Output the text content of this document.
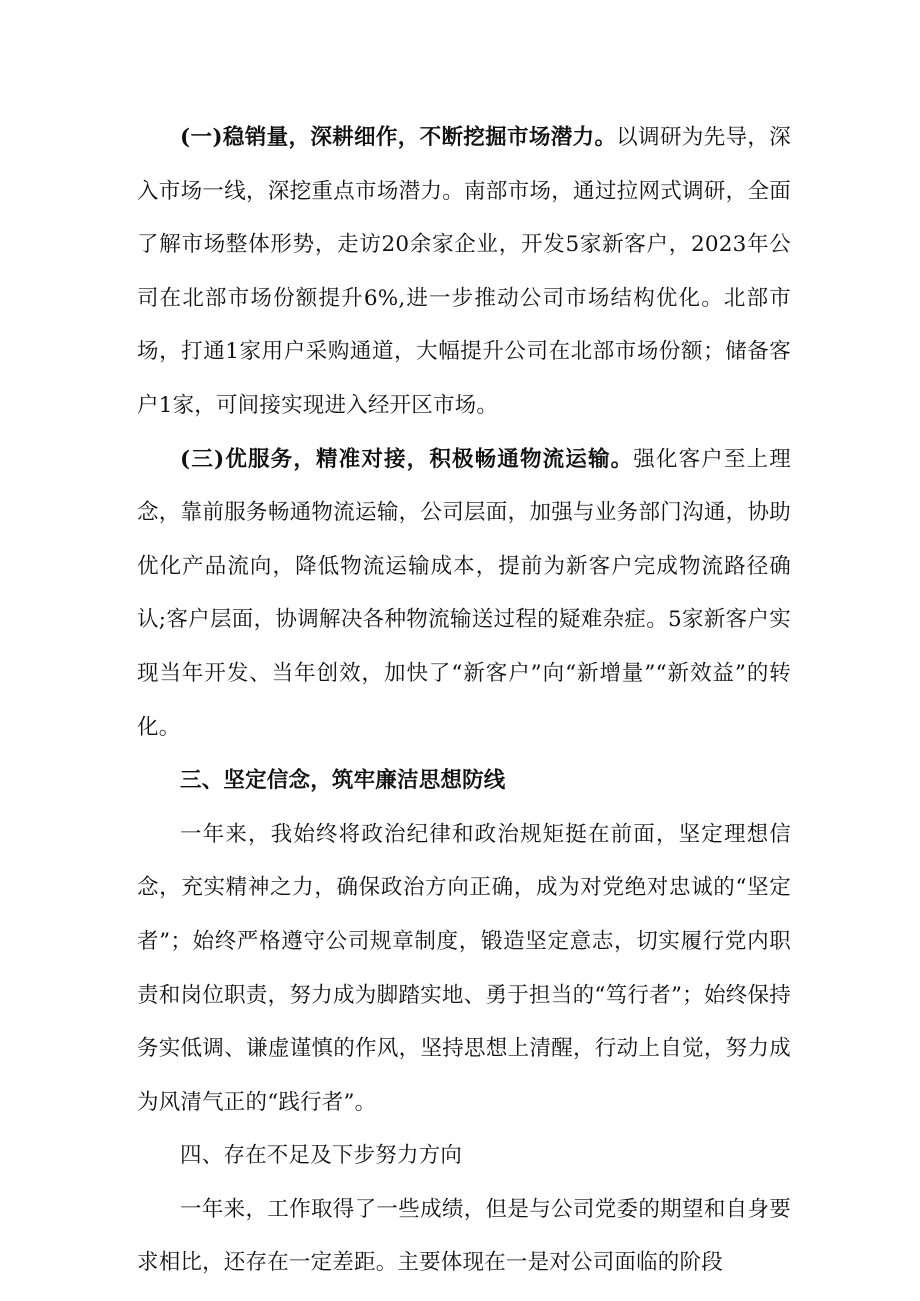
(一)稳销量，深耕细作，不断挖掘市场潜力。以调研为先导，深入市场一线，深挖重点市场潜力。南部市场，通过拉网式调研，全面了解市场整体形势，走访20余家企业，开发5家新客户，2023年公司在北部市场份额提升6%,进一步推动公司市场结构优化。北部市场，打通1家用户采购通道，大幅提升公司在北部市场份额；储备客户1家，可间接实现进入经开区市场。

(三)优服务，精准对接，积极畅通物流运输。强化客户至上理念，靠前服务畅通物流运输，公司层面，加强与业务部门沟通，协助优化产品流向，降低物流运输成本，提前为新客户完成物流路径确认;客户层面，协调解决各种物流输送过程的疑难杂症。5家新客户实现当年开发、当年创效，加快了“新客户”向“新增量”“新效益”的转化。

三、坚定信念，筑牢廉洁思想防线

一年来，我始终将政治纪律和政治规矩挺在前面，坚定理想信念，充实精神之力，确保政治方向正确，成为对党绝对忠诚的“坚定者”；始终严格遵守公司规章制度，锻造坚定意志，切实履行党内职责和岗位职责，努力成为脚踏实地、勇于担当的“笃行者”；始终保持务实低调、谦虚谨慎的作风，坚持思想上清醒，行动上自觉，努力成为风清气正的“践行者”。

四、存在不足及下步努力方向

一年来，工作取得了一些成绩，但是与公司党委的期望和自身要求相比，还存在一定差距。主要体现在一是对公司面临的阶段
